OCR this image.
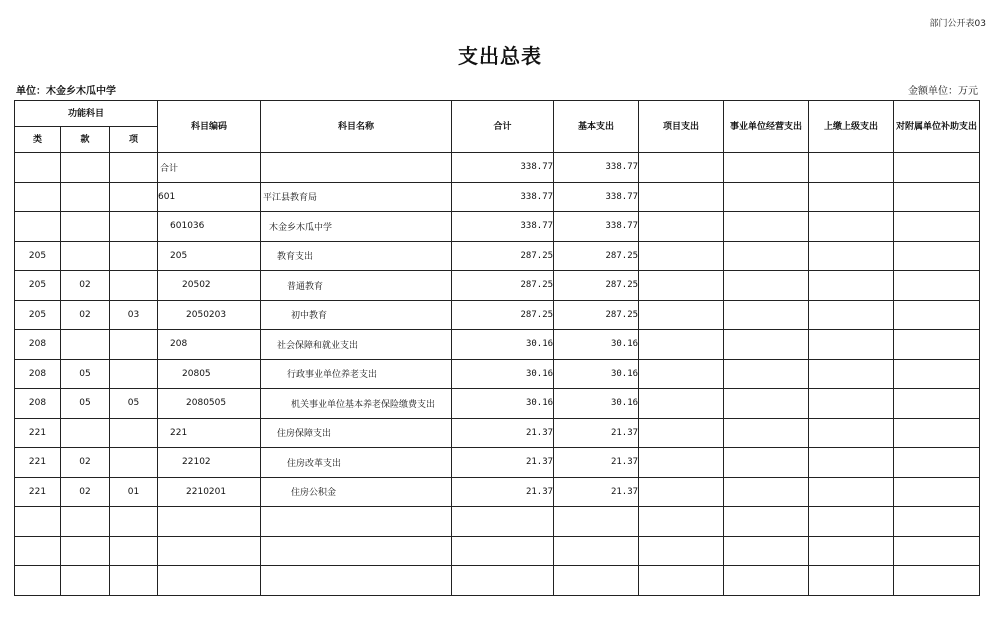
部门公开表03
支出总表
单位：木金乡木瓜中学	金额单位：万元
功能科目			科目编码	科目名称	合计	基本支出	项目支出	事业单位经营支出	上缴上级支出	对附属单位补助支出
类	款	项								
			合计		338.77	338.77				
			601	平江县教育局	338.77	338.77				
			601036	木金乡木瓜中学	338.77	338.77				
205			205	教育支出	287.25	287.25				
205	02		20502	普通教育	287.25	287.25				
205	02	03	2050203	初中教育	287.25	287.25				
208			208	社会保障和就业支出	30.16	30.16				
208	05		20805	行政事业单位养老支出	30.16	30.16				
208	05	05	2080505	机关事业单位基本养老保险缴费支出	30.16	30.16				
221			221	住房保障支出	21.37	21.37				
221	02		22102	住房改革支出	21.37	21.37				
221	02	01	2210201	住房公积金	21.37	21.37				
